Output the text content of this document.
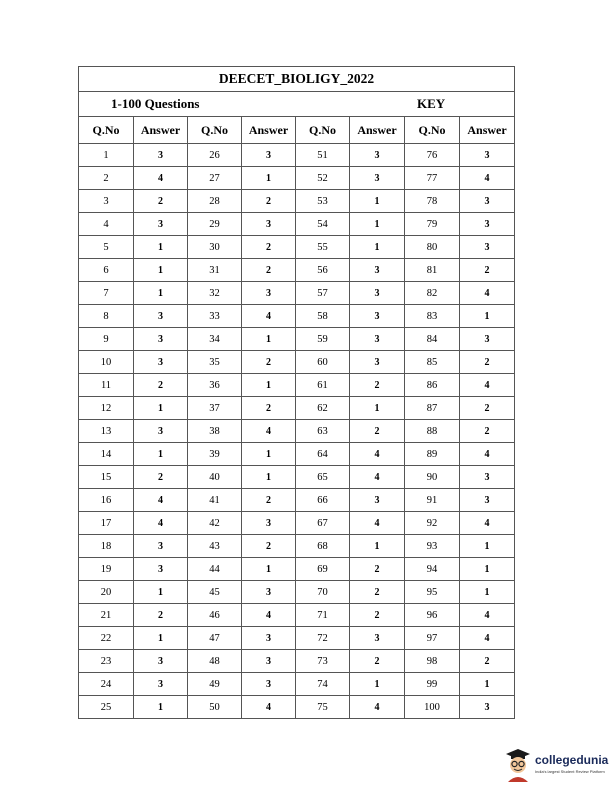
DEECET_BIOLIGY_2022							

1-100 Questions KEY							

Q.No	Answer	Q.No	Answer	Q.No	Answer	Q.No	Answer
1	3	26	3	51	3	76	3
2	4	27	1	52	3	77	4
3	2	28	2	53	1	78	3
4	3	29	3	54	1	79	3
5	1	30	2	55	1	80	3
6	1	31	2	56	3	81	2
7	1	32	3	57	3	82	4
8	3	33	4	58	3	83	1
9	3	34	1	59	3	84	3
10	3	35	2	60	3	85	2
11	2	36	1	61	2	86	4
12	1	37	2	62	1	87	2
13	3	38	4	63	2	88	2
14	1	39	1	64	4	89	4
15	2	40	1	65	4	90	3
16	4	41	2	66	3	91	3
17	4	42	3	67	4	92	4
18	3	43	2	68	1	93	1
19	3	44	1	69	2	94	1
20	1	45	3	70	2	95	1
21	2	46	4	71	2	96	4
22	1	47	3	72	3	97	4
23	3	48	3	73	2	98	2
24	3	49	3	74	1	99	1
25	1	50	4	75	4	100	3
collegedunia
India's largest Student Review Platform
